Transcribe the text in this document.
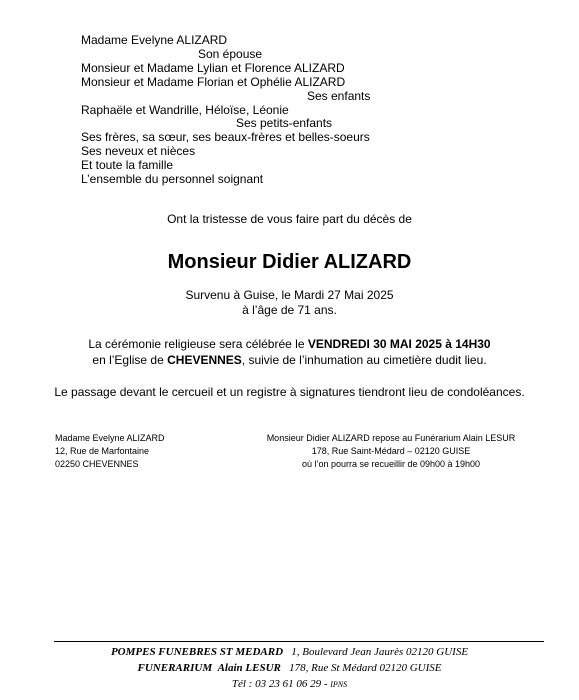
Madame Evelyne ALIZARD
Son épouse
Monsieur et Madame Lylian et Florence ALIZARD
Monsieur et Madame Florian et Ophélie ALIZARD
Ses enfants
Raphaële et Wandrille, Héloïse, Léonie
Ses petits-enfants
Ses frères, sa sœur, ses beaux-frères et belles-soeurs
Ses neveux et nièces
Et toute la famille
L’ensemble du personnel soignant
Ont la tristesse de vous faire part du décès de
Monsieur Didier ALIZARD
Survenu à Guise, le Mardi 27 Mai 2025
à l’âge de 71 ans.
La cérémonie religieuse sera célébrée le VENDREDI 30 MAI 2025 à 14H30
en l’Eglise de CHEVENNES, suivie de l’inhumation au cimetière dudit lieu.
Le passage devant le cercueil et un registre à signatures tiendront lieu de condoléances.
Madame Evelyne ALIZARD
12, Rue de Marfontaine
02250 CHEVENNES
Monsieur Didier ALIZARD repose au Funérarium Alain LESUR
178, Rue Saint-Médard – 02120 GUISE
où l’on pourra se recueillir de 09h00 à 19h00
POMPES FUNEBRES ST MEDARD 1, Boulevard Jean Jaurès 02120 GUISE
FUNERARIUM Alain LESUR 178, Rue St Médard 02120 GUISE
Tél : 03 23 61 06 29 - IPNS
